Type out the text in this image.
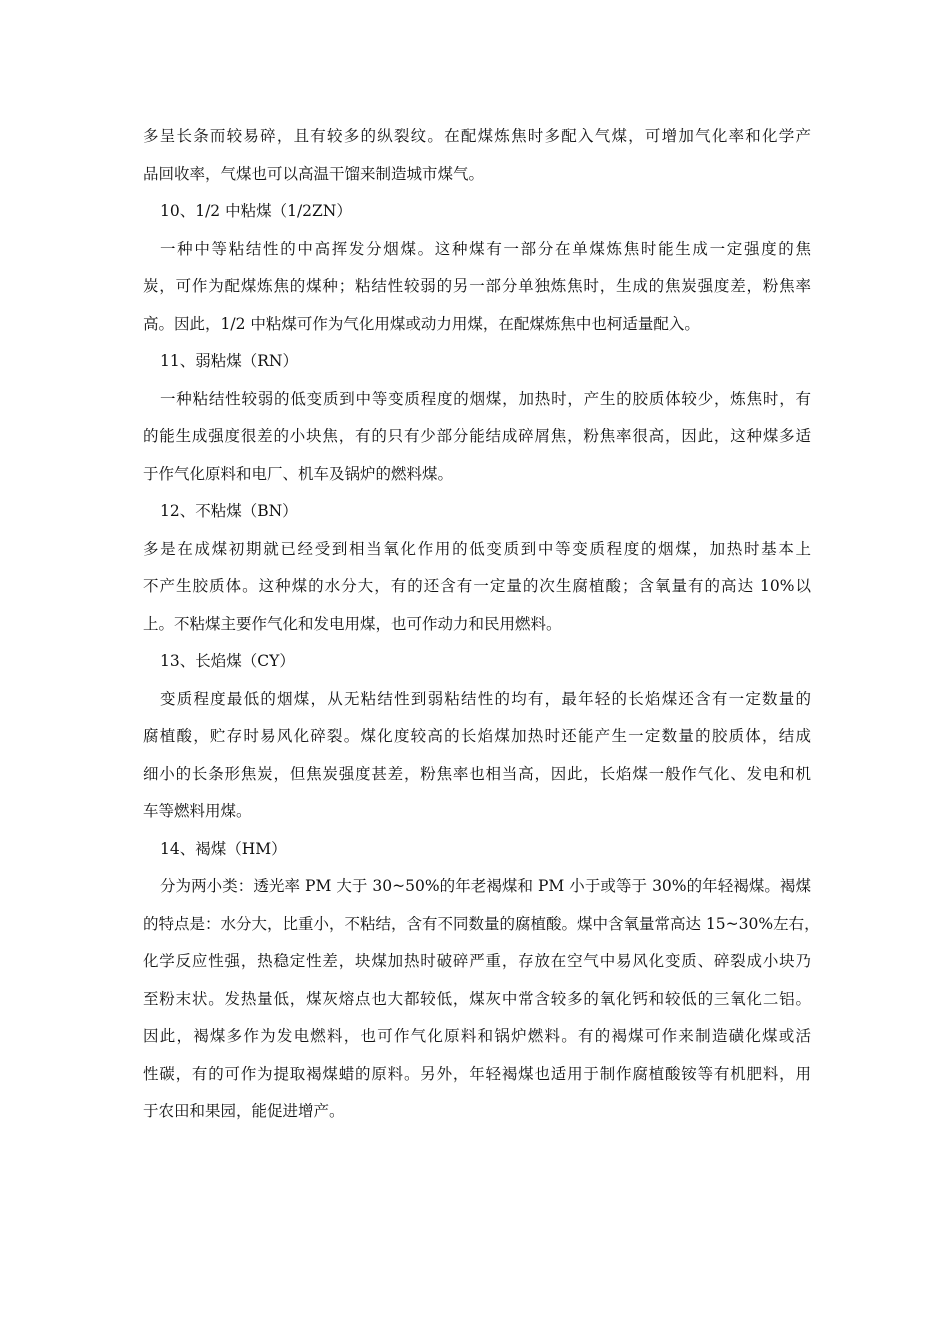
多呈长条而较易碎，且有较多的纵裂纹。在配煤炼焦时多配入气煤，可增加气化率和化学产
品回收率，气煤也可以高温干馏来制造城市煤气。
10、1/2 中粘煤（1/2ZN）
一种中等粘结性的中高挥发分烟煤。这种煤有一部分在单煤炼焦时能生成一定强度的焦
炭，可作为配煤炼焦的煤种；粘结性较弱的另一部分单独炼焦时，生成的焦炭强度差，粉焦率
高。因此，1/2 中粘煤可作为气化用煤或动力用煤，在配煤炼焦中也柯适量配入。
11、弱粘煤（RN）
一种粘结性较弱的低变质到中等变质程度的烟煤，加热时，产生的胶质体较少，炼焦时，有
的能生成强度很差的小块焦，有的只有少部分能结成碎屑焦，粉焦率很高，因此，这种煤多适
于作气化原料和电厂、机车及锅炉的燃料煤。
12、不粘煤（BN）
多是在成煤初期就已经受到相当氧化作用的低变质到中等变质程度的烟煤，加热时基本上
不产生胶质体。这种煤的水分大，有的还含有一定量的次生腐植酸；含氧量有的高达 10%以
上。不粘煤主要作气化和发电用煤，也可作动力和民用燃料。
13、长焰煤（CY）
变质程度最低的烟煤，从无粘结性到弱粘结性的均有，最年轻的长焰煤还含有一定数量的
腐植酸，贮存时易风化碎裂。煤化度较高的长焰煤加热时还能产生一定数量的胶质体，结成
细小的长条形焦炭，但焦炭强度甚差，粉焦率也相当高，因此，长焰煤一般作气化、发电和机
车等燃料用煤。
14、褐煤（HM）
分为两小类：透光率 PM 大于 30~50%的年老褐煤和 PM 小于或等于 30%的年轻褐煤。褐煤
的特点是：水分大，比重小，不粘结，含有不同数量的腐植酸。煤中含氧量常高达 15~30%左右，
化学反应性强，热稳定性差，块煤加热时破碎严重，存放在空气中易风化变质、碎裂成小块乃
至粉末状。发热量低，煤灰熔点也大都较低，煤灰中常含较多的氧化钙和较低的三氧化二铝。
因此，褐煤多作为发电燃料，也可作气化原料和锅炉燃料。有的褐煤可作来制造磺化煤或活
性碳，有的可作为提取褐煤蜡的原料。另外，年轻褐煤也适用于制作腐植酸铵等有机肥料，用
于农田和果园，能促进增产。
